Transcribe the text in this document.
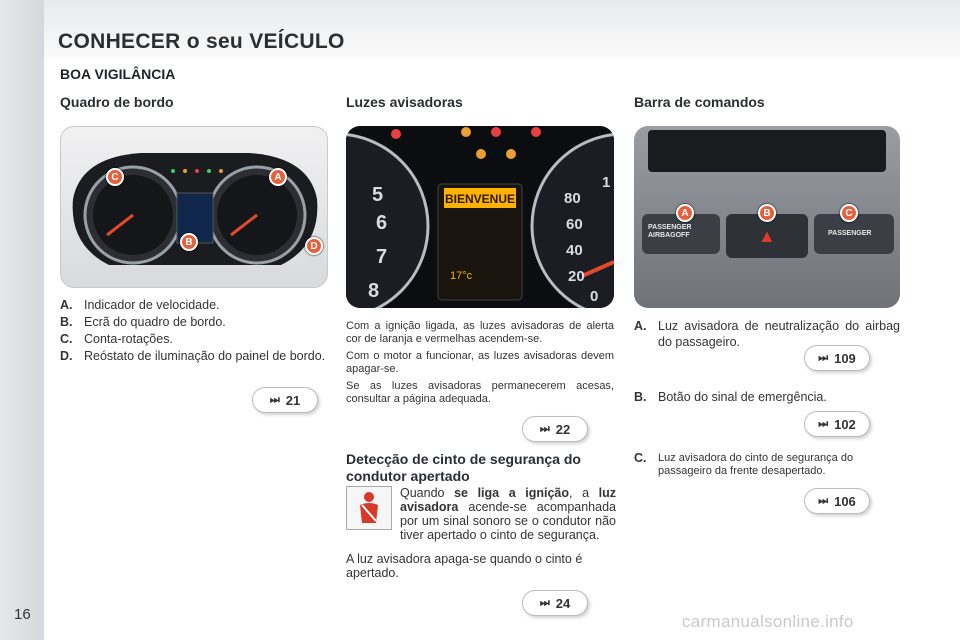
16
CONHECER o seu VEÍCULO
BOA VIGILÂNCIA
Quadro de bordo
C	A
B	D
A. Indicador de velocidade.
B. Ecrã do quadro de bordo.
C. Conta-rotações.
D. Reóstato de iluminação do painel de bordo.
⏭ 21
Luzes avisadoras
BIENVENUE
17°c
5
6
7
8
80
60
40
20
0
1

Com a ignição ligada, as luzes avisadoras de alerta cor de laranja e vermelhas acendem-se.

Com o motor a funcionar, as luzes avisadoras devem apagar-se.

Se as luzes avisadoras permanecerem acesas, consultar a página adequada.

⏭ 22
Detecção de cinto de segurança do condutor apertado
Quando se liga a ignição, a luz avisadora acende-se acompanhada por um sinal sonoro se o condutor não tiver apertado o cinto de segurança.
A luz avisadora apaga-se quando o cinto é apertado.
⏭ 24
Barra de comandos
PASSENGER AIRBAGOFF	PASSENGER
▲
A	B	C
A. Luz avisadora de neutralização do airbag do passageiro.
⏭ 109
B. Botão do sinal de emergência.
⏭ 102
C.	Luz avisadora do cinto de segurança do passageiro da frente desapertado.
⏭ 106
carmanualsonline.info
